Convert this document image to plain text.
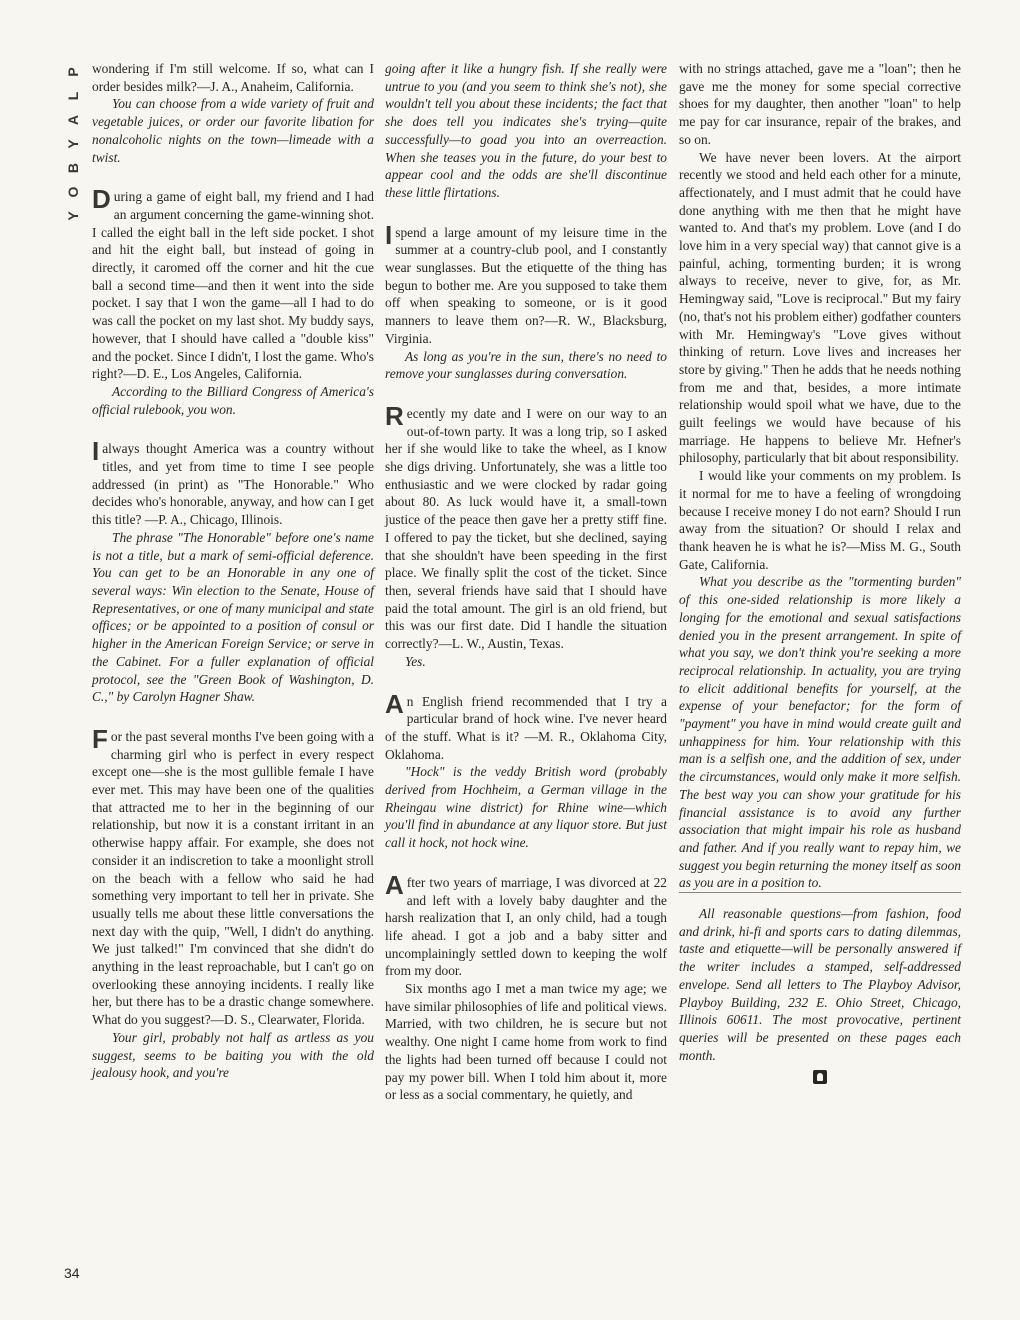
P
L
A
Y
B
O
Y

wondering if I'm still welcome. If so, what can I order besides milk?—J. A., Anaheim, California.

You can choose from a wide variety of fruit and vegetable juices, or order our favorite libation for nonalcoholic nights on the town—limeade with a twist.

During a game of eight ball, my friend and I had an argument concerning the game-winning shot. I called the eight ball in the left side pocket. I shot and hit the eight ball, but instead of going in directly, it caromed off the corner and hit the cue ball a second time—and then it went into the side pocket. I say that I won the game—all I had to do was call the pocket on my last shot. My buddy says, however, that I should have called a "double kiss" and the pocket. Since I didn't, I lost the game. Who's right?—D. E., Los Angeles, California.

According to the Billiard Congress of America's official rulebook, you won.

I always thought America was a country without titles, and yet from time to time I see people addressed (in print) as "The Honorable." Who decides who's honorable, anyway, and how can I get this title? —P. A., Chicago, Illinois.

The phrase "The Honorable" before one's name is not a title, but a mark of semi-official deference. You can get to be an Honorable in any one of several ways: Win election to the Senate, House of Representatives, or one of many municipal and state offices; or be appointed to a position of consul or higher in the American Foreign Service; or serve in the Cabinet. For a fuller explanation of official protocol, see the "Green Book of Washington, D. C.," by Carolyn Hagner Shaw.

For the past several months I've been going with a charming girl who is perfect in every respect except one—she is the most gullible female I have ever met. This may have been one of the qualities that attracted me to her in the beginning of our relationship, but now it is a constant irritant in an otherwise happy affair. For example, she does not consider it an indiscretion to take a moonlight stroll on the beach with a fellow who said he had something very important to tell her in private. She usually tells me about these little conversations the next day with the quip, "Well, I didn't do anything. We just talked!" I'm convinced that she didn't do anything in the least reproachable, but I can't go on overlooking these annoying incidents. I really like her, but there has to be a drastic change somewhere. What do you suggest?—D. S., Clearwater, Florida.

Your girl, probably not half as artless as you suggest, seems to be baiting you with the old jealousy hook, and you're

going after it like a hungry fish. If she really were untrue to you (and you seem to think she's not), she wouldn't tell you about these incidents; the fact that she does tell you indicates she's trying—quite successfully—to goad you into an overreaction. When she teases you in the future, do your best to appear cool and the odds are she'll discontinue these little flirtations.

I spend a large amount of my leisure time in the summer at a country-club pool, and I constantly wear sunglasses. But the etiquette of the thing has begun to bother me. Are you supposed to take them off when speaking to someone, or is it good manners to leave them on?—R. W., Blacksburg, Virginia.

As long as you're in the sun, there's no need to remove your sunglasses during conversation.

Recently my date and I were on our way to an out-of-town party. It was a long trip, so I asked her if she would like to take the wheel, as I know she digs driving. Unfortunately, she was a little too enthusiastic and we were clocked by radar going about 80. As luck would have it, a small-town justice of the peace then gave her a pretty stiff fine. I offered to pay the ticket, but she declined, saying that she shouldn't have been speeding in the first place. We finally split the cost of the ticket. Since then, several friends have said that I should have paid the total amount. The girl is an old friend, but this was our first date. Did I handle the situation correctly?—L. W., Austin, Texas.

Yes.

An English friend recommended that I try a particular brand of hock wine. I've never heard of the stuff. What is it? —M. R., Oklahoma City, Oklahoma.

"Hock" is the veddy British word (probably derived from Hochheim, a German village in the Rheingau wine district) for Rhine wine—which you'll find in abundance at any liquor store. But just call it hock, not hock wine.

After two years of marriage, I was divorced at 22 and left with a lovely baby daughter and the harsh realization that I, an only child, had a tough life ahead. I got a job and a baby sitter and uncomplainingly settled down to keeping the wolf from my door.

Six months ago I met a man twice my age; we have similar philosophies of life and political views. Married, with two children, he is secure but not wealthy. One night I came home from work to find the lights had been turned off because I could not pay my power bill. When I told him about it, more or less as a social commentary, he quietly, and

with no strings attached, gave me a "loan"; then he gave me the money for some special corrective shoes for my daughter, then another "loan" to help me pay for car insurance, repair of the brakes, and so on.

We have never been lovers. At the airport recently we stood and held each other for a minute, affectionately, and I must admit that he could have done anything with me then that he might have wanted to. And that's my problem. Love (and I do love him in a very special way) that cannot give is a painful, aching, tormenting burden; it is wrong always to receive, never to give, for, as Mr. Hemingway said, "Love is reciprocal." But my fairy (no, that's not his problem either) godfather counters with Mr. Hemingway's "Love gives without thinking of return. Love lives and increases her store by giving." Then he adds that he needs nothing from me and that, besides, a more intimate relationship would spoil what we have, due to the guilt feelings we would have because of his marriage. He happens to believe Mr. Hefner's philosophy, particularly that bit about responsibility.

I would like your comments on my problem. Is it normal for me to have a feeling of wrongdoing because I receive money I do not earn? Should I run away from the situation? Or should I relax and thank heaven he is what he is?—Miss M. G., South Gate, California.

What you describe as the "tormenting burden" of this one-sided relationship is more likely a longing for the emotional and sexual satisfactions denied you in the present arrangement. In spite of what you say, we don't think you're seeking a more reciprocal relationship. In actuality, you are trying to elicit additional benefits for yourself, at the expense of your benefactor; for the form of "payment" you have in mind would create guilt and unhappiness for him. Your relationship with this man is a selfish one, and the addition of sex, under the circumstances, would only make it more selfish. The best way you can show your gratitude for his financial assistance is to avoid any further association that might impair his role as husband and father. And if you really want to repay him, we suggest you begin returning the money itself as soon as you are in a position to.

All reasonable questions—from fashion, food and drink, hi-fi and sports cars to dating dilemmas, taste and etiquette—will be personally answered if the writer includes a stamped, self-addressed envelope. Send all letters to The Playboy Advisor, Playboy Building, 232 E. Ohio Street, Chicago, Illinois 60611. The most provocative, pertinent queries will be presented on these pages each month.

34
